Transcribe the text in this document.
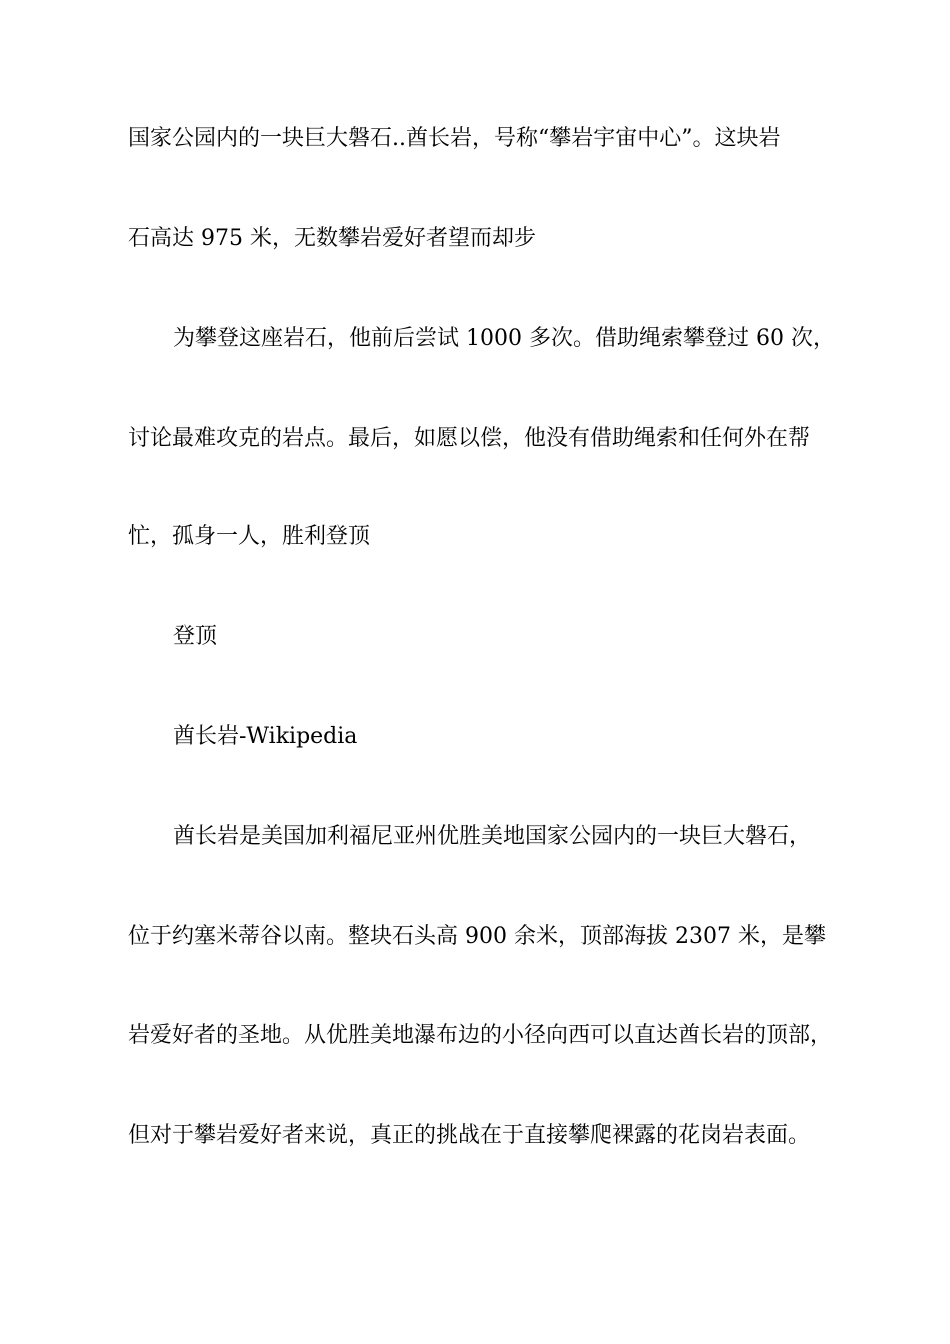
国家公园内的一块巨大磐石..酋长岩，号称“攀岩宇宙中心”。这块岩
石高达 975 米，无数攀岩爱好者望而却步
为攀登这座岩石，他前后尝试 1000 多次。借助绳索攀登过 60 次，
讨论最难攻克的岩点。最后，如愿以偿，他没有借助绳索和任何外在帮
忙，孤身一人，胜利登顶
登顶
酋长岩-Wikipedia
酋长岩是美国加利福尼亚州优胜美地国家公园内的一块巨大磐石，
位于约塞米蒂谷以南。整块石头高 900 余米，顶部海拔 2307 米，是攀
岩爱好者的圣地。从优胜美地瀑布边的小径向西可以直达酋长岩的顶部，
但对于攀岩爱好者来说，真正的挑战在于直接攀爬裸露的花岗岩表面。
